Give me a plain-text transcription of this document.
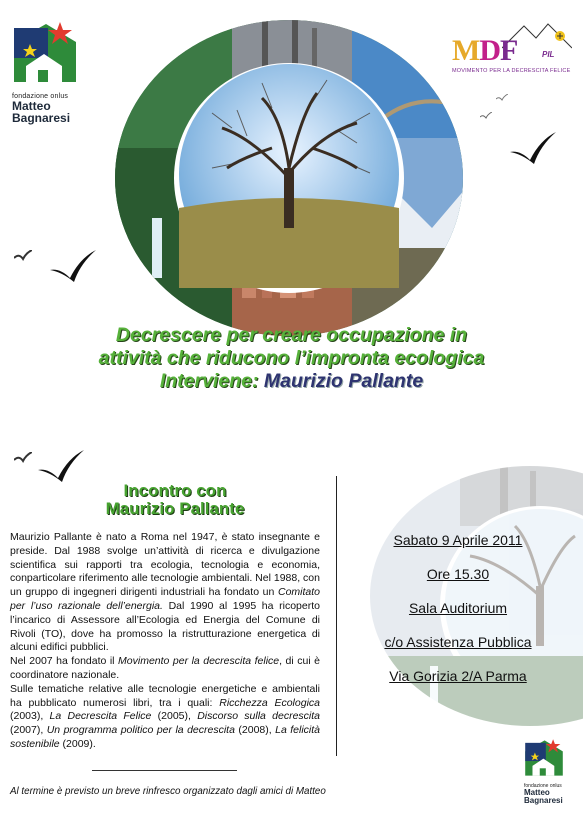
fondazione onlus
Matteo
Bagnaresi
MDF	PIL
MOVIMENTO PER LA DECRESCITA FELICE
Decrescere per creare occupazione in
attività che riducono l’impronta ecologica
Interviene: Maurizio Pallante
Incontro con
Maurizio Pallante

Maurizio Pallante è nato a Roma nel 1947, è stato insegnante e preside. Dal 1988 svolge un’attività di ricerca e divulgazione scientifica sui rapporti tra ecologia, tecnologia e economia, conparticolare riferimento alle tecnologie ambientali. Nel 1988, con un gruppo di ingegneri dirigenti industriali ha fondato un Comitato per l’uso razionale dell’energia. Dal 1990 al 1995 ha ricoperto l’incarico di Assessore all’Ecologia ed Energia del Comune di Rivoli (TO), dove ha promosso la ristrutturazione energetica di alcuni edifici pubblici.

Nel 2007 ha fondato il Movimento per la decrescita felice, di cui è coordinatore nazionale.

Sulle tematiche relative alle tecnologie energetiche e ambientali ha pubblicato numerosi libri, tra i quali: Ricchezza Ecologica (2003), La Decrescita Felice (2005), Discorso sulla decrescita (2007), Un programma politico per la decrescita (2008), La felicità sostenibile (2009).

Sabato 9 Aprile 2011
Ore 15.30
Sala Auditorium
c/o Assistenza Pubblica
Via Gorizia 2/A Parma
fondazione onlus
Matteo
Bagnaresi
Al termine è previsto un breve rinfresco organizzato dagli amici di Matteo
